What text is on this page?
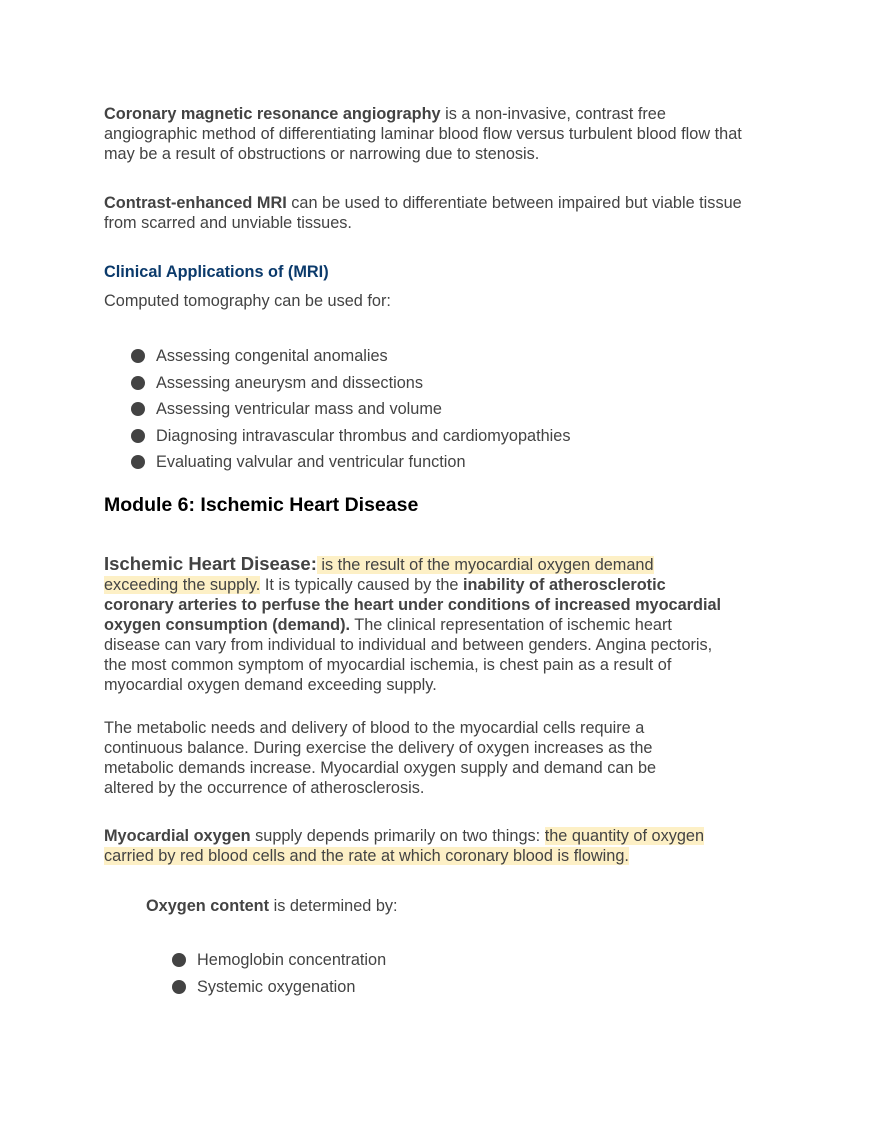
Coronary magnetic resonance angiography is a non-invasive, contrast free angiographic method of differentiating laminar blood flow versus turbulent blood flow that may be a result of obstructions or narrowing due to stenosis.

Contrast-enhanced MRI can be used to differentiate between impaired but viable tissue from scarred and unviable tissues.

Clinical Applications of (MRI)

Computed tomography can be used for:

Assessing congenital anomalies
Assessing aneurysm and dissections
Assessing ventricular mass and volume
Diagnosing intravascular thrombus and cardiomyopathies
Evaluating valvular and ventricular function
Module 6: Ischemic Heart Disease

Ischemic Heart Disease: is the result of the myocardial oxygen demand exceeding the supply. It is typically caused by the inability of atherosclerotic coronary arteries to perfuse the heart under conditions of increased myocardial oxygen consumption (demand). The clinical representation of ischemic heart disease can vary from individual to individual and between genders. Angina pectoris, the most common symptom of myocardial ischemia, is chest pain as a result of myocardial oxygen demand exceeding supply.

The metabolic needs and delivery of blood to the myocardial cells require a continuous balance. During exercise the delivery of oxygen increases as the metabolic demands increase. Myocardial oxygen supply and demand can be altered by the occurrence of atherosclerosis.

Myocardial oxygen supply depends primarily on two things: the quantity of oxygen carried by red blood cells and the rate at which coronary blood is flowing.

Oxygen content is determined by:

Hemoglobin concentration
Systemic oxygenation
